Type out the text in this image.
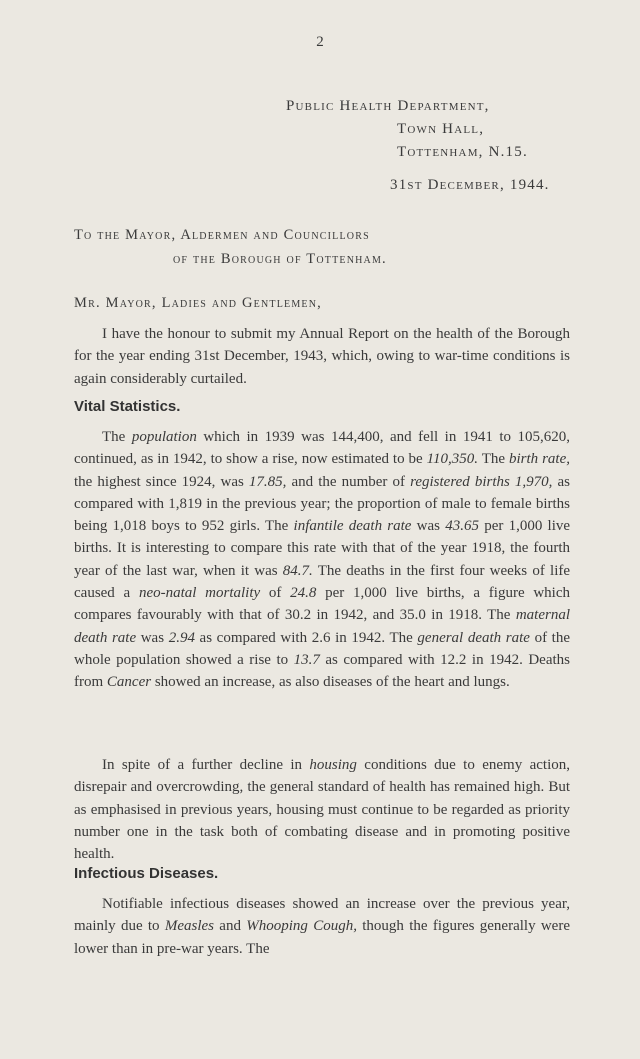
2
Public Health Department,
Town Hall,
Tottenham, N.15.
31st December, 1944.
To the Mayor, Aldermen and Councillors
of the Borough of Tottenham.
Mr. Mayor, Ladies and Gentlemen,

I have the honour to submit my Annual Report on the health of the Borough for the year ending 31st December, 1943, which, owing to war-time conditions is again considerably curtailed.

Vital Statistics.

The population which in 1939 was 144,400, and fell in 1941 to 105,620, continued, as in 1942, to show a rise, now estimated to be 110,350. The birth rate, the highest since 1924, was 17.85, and the number of registered births 1,970, as compared with 1,819 in the previous year; the proportion of male to female births being 1,018 boys to 952 girls. The infantile death rate was 43.65 per 1,000 live births. It is interesting to compare this rate with that of the year 1918, the fourth year of the last war, when it was 84.7. The deaths in the first four weeks of life caused a neo-natal mortality of 24.8 per 1,000 live births, a figure which compares favourably with that of 30.2 in 1942, and 35.0 in 1918. The maternal death rate was 2.94 as compared with 2.6 in 1942. The general death rate of the whole population showed a rise to 13.7 as compared with 12.2 in 1942. Deaths from Cancer showed an increase, as also diseases of the heart and lungs.

In spite of a further decline in housing conditions due to enemy action, disrepair and overcrowding, the general standard of health has remained high. But as emphasised in previous years, housing must continue to be regarded as priority number one in the task both of combating disease and in promoting positive health.

Infectious Diseases.

Notifiable infectious diseases showed an increase over the previous year, mainly due to Measles and Whooping Cough, though the figures generally were lower than in pre-war years. The
